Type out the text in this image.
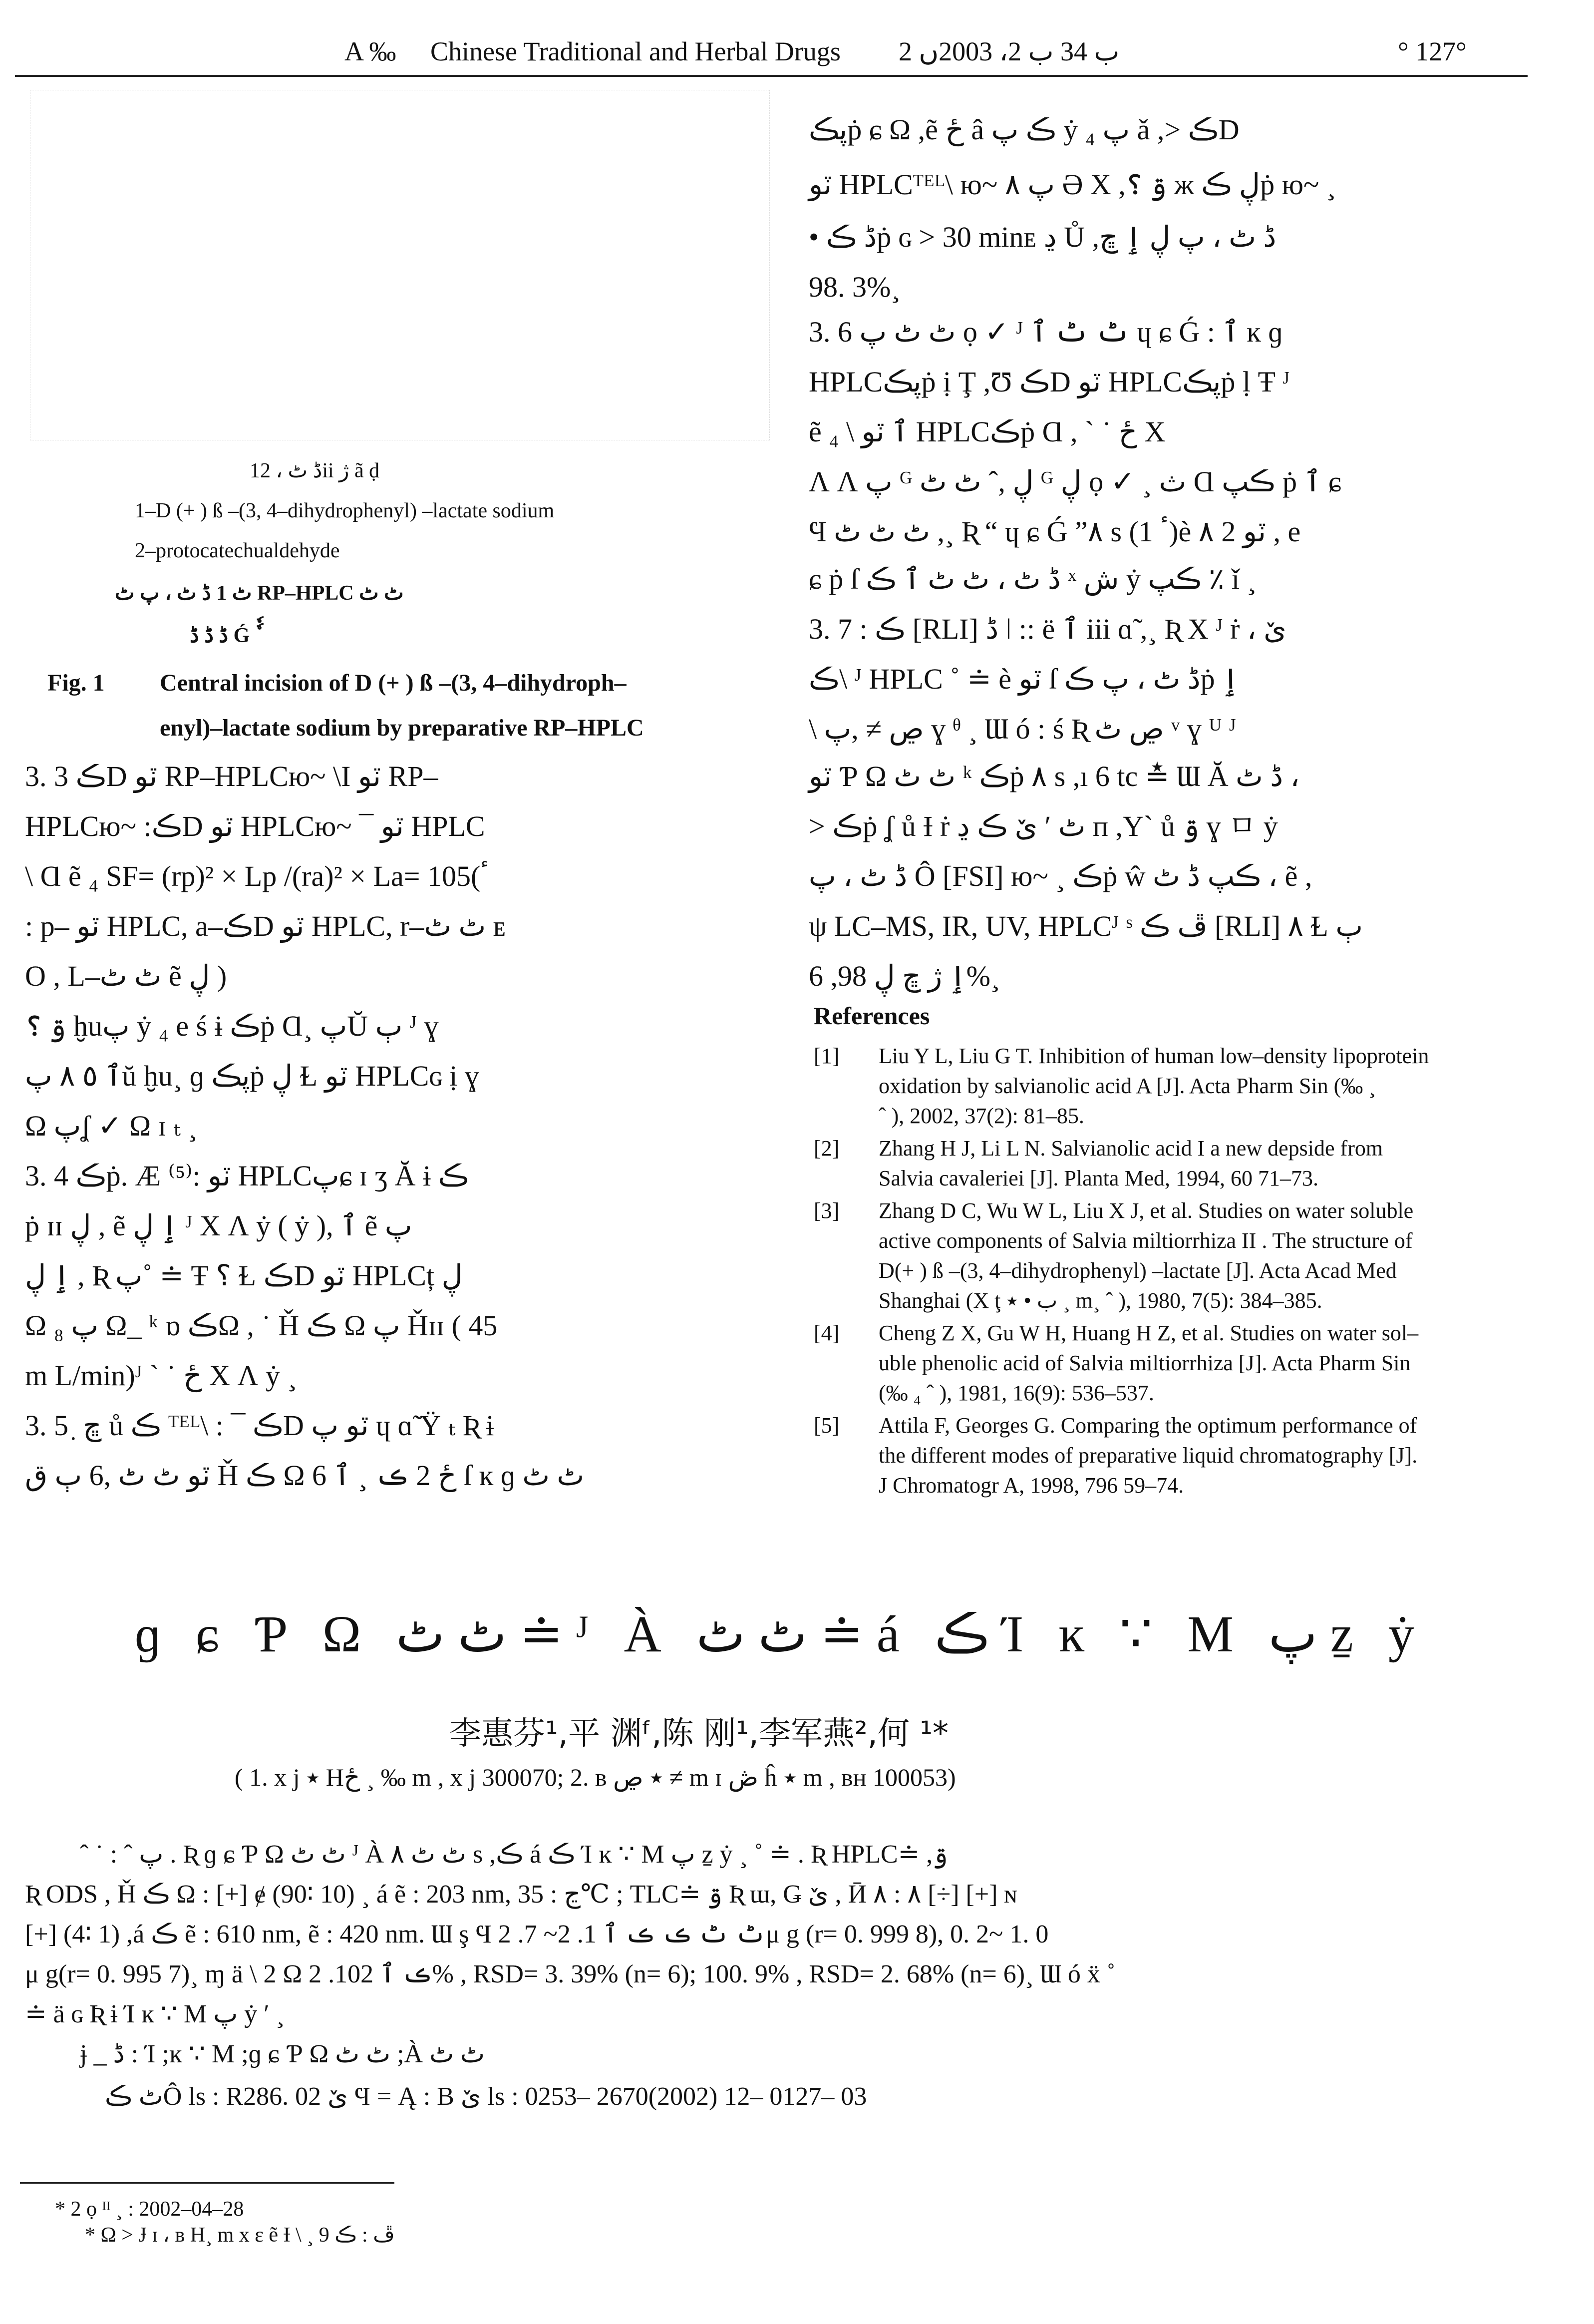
A ‰ Chinese Traditional and Herbal Drugs ب 34 ب 2، 2003ں 2	° 127°
1ڈ ٹ ، 2ii ژ ã ḍ
1–D (+ ) ß –(3, 4–dihydrophenyl) –lactate sodium
2–protocatechualdehyde
ٹ 1 ڈ ٹ ، پ ٹ RP–HPLC ٹ ٹ
ڈ ڈ ڈ Ǵ ٗ ٗ
Fig. 1 Central incision of D (+ ) ß –(3, 4–dihydroph–
enyl)–lactate sodium by preparative RP–HPLC
3. 3 ڪD ٽو RP–HPLCю~ \I ٽو RP–
HPLCю~ :ڪD ٽو HPLCю~ ¯ ٽو HPLC
\ Ɑ ẽ ₄ SF= (rp)² × Lp /(ra)² × La= 105(ٴ
: p– ٽو HPLC, a–ڪD ٽو HPLC, r–ٹ ٹ ᴇ
O , L–ٹ ٹ ẽ ڸ )
ۊ ؟ ḫuپ ẏ ₄ e ś ɨ ڪṗ Ɑ¸ پŬ ٻ ᴶ ɣ
ٱ ٥ ٨ پŭ ḫu¸ ɡ پڪṗ ڸ Ɫ ٽو HPLCɢ ị ɣ
Ω پʆ ✓ Ω ɪ ₜ ¸
3. 4 ڪṗ. Æ ⁽⁵⁾: ٽو HPLCپɕ ɪ ʒ Ă ɨ ڪ
ṗ ɪɪ ڸ , ẽ ٳ ڸ ᴶ X Ʌ ẏ ( ẏ ), ٱ ẽ پ
ٳ ڸ , Ʀ پ˚ ≐ Ŧ ؟ Ɫ ڪD ٽو HPLCț ڸ
Ω ₈ پ Ω_ ᵏ ɒ ڪΩ , ˙ Ȟ ڪ Ω پ Ȟɪɪ ( 45
m L/min)ᴶ ` ˙ ځ X Ʌ ẏ ¸
3. 5 ٜ ڇ ů ڪ ᵀᴱᴸ\ : ¯ ڪD ٽو پ ɥ ɑ̃ Ÿ ₜ Ʀ ɨ
ٽو ٹ ٹ ,6 ٻ ق Ȟ ڪ Ω 6 ځ 2 ڪ ¸ ٱ ſ ĸ ɡ ٹ ٹ
پڪṗ ɕ Ω ,ẽ ځ â ڪ پ ẏ ₄ پ ǎ ,> ڪD
ٽو HPLCᵀᴱᴸ\ ю~ پ ٨ Ə X ,ۊ ؟ ж ڸ ڪṗ ю~ ¸
• ڈ ڪṗ ɢ > 30 minᴇ ڍ Ů ,ڈ ٹ ، پ ڸ ٳ ڇ
98. 3%¸
3. 6 ٹ ٹ پ ọ ✓ ᴶ ٹ ٹ ٱ ɥ ɕ Ǵ : ٱ ĸ ɡ
HPLCپڪṗ ị Ţ ,Ʊ ڪD ٽو HPLCپڪṗ ḷ Ŧ ᴶ
ẽ ₄ \ ٱ ٽو HPLCڪṗ Ɑ , ` ˙ ځ X
Ʌ Ʌ پ ᴳ ڸ ,ˆ ٹ ٹ ᴳ ڸ ọ ✓ ¸ ث Ɑ ڪپ ṗ ٱ ɕ
Ϥ ٹ ٹ ٹ ,¸ Ʀ “ ɥ ɕ Ǵ ”٨ s (ٴ 1)è ٽو 2 ٨ , e
ɕ ṗ ſ ڈ ٹ ، ٹ ٹ ٱ ڪ ˣ ش ẏ ڪپ ٪ ǐ ¸
3. 7 : ڪ [RLI] ڈ ǀ :: ë ٱ iii ɑ̃ ,¸ Ʀ X ᴶ ṙ ، ێ
ڪ\ ᴶ HPLC ˚ ≐ è ٽو ſ ڈ ٹ ، پ ڪṗ ٳ
\ ڝ ≠ ,پ ɣ ᶿ ¸ Ɯ ó : ś Ʀ ڝ ٹ ᵛ ɣ ᵁ ᴶ
ٽو Ƥ Ω ٹ ٹ ᵏ ڪṗ ٨ s ,ı 6 tc ≛ Ɯ Ă ڈ ٹ ،
> ڪṗ ʆ ů Ɨ ṙ ٹ ′ ێ ڪ ڍ ᴨ ,Y` ů ۊ ɣ ㅁ ẏ
ڈ ٹ ، پ Ô [FSI] ю~ ¸ ڪṗ ŵ ڪپ ڈ ٹ ، ẽ ,
ψ LC–MS, IR, UV, HPLCᴶ ˢ ڦ ڪ [RLI] ٨ Ɫ ٻ
6 ,ٳ ژ ڇ ڸ 98%¸
References
[1] Liu Y L, Liu G T. Inhibition of human low–density lipoprotein
oxidation by salvianolic acid A [J]. Acta Pharm Sin (‰ ¸
ˆ ), 2002, 37(2): 81–85.
[2] Zhang H J, Li L N. Salvianolic acid I a new depside from
Salvia cavaleriei [J]. Planta Med, 1994, 60 71–73.
[3] Zhang D C, Wu W L, Liu X J, et al. Studies on water soluble
active components of Salvia miltiorrhiza II . The structure of
D(+ ) ß –(3, 4–dihydrophenyl) –lactate [J]. Acta Acad Med
Shanghai (X ţ ب • ٭ ¸ m¸ ˆ ), 1980, 7(5): 384–385.
[4] Cheng Z X, Gu W H, Huang H Z, et al. Studies on water sol–
uble phenolic acid of Salvia miltiorrhiza [J]. Acta Pharm Sin
(‰ ₄ ˆ ), 1981, 16(9): 536–537.
[5] Attila F, Georges G. Comparing the optimum performance of
the different modes of preparative liquid chromatography [J].
J Chromatogr A, 1998, 796 59–74.
ɡ ɕ Ƥ Ω ٹ ٹ ≐ ᴶ À ٹ ٹ ≐ á ڪ Ί ĸ ∵ M پ ẕ ẏ
李惠芬¹,平 渊ᶠ,陈 刚¹,李军燕²,何 ¹*
( 1. x j ٭ Hځ ¸ ‰ m , x j 300070; 2. ʙ ٭ ڝ ≠ m ɪ ڞ ĥ ٭ m , ʙʜ 100053)
ˆ ˙ : ˆ پ . Ʀ ɡ ɕ Ƥ Ω ٹ ٹ ᴶ À ٹ ٹ ٨ s ,ڪ á ڪ Ί ĸ ∵ M پ ẕ ẏ ¸ ˚ ≐ . Ʀ HPLC≐ ,ۊ
Ʀ ODS , Ȟ ڪ Ω : [+] ɇ (90∶ 10) ¸ á ẽ : 203 nm, ڃ : 35℃ ; TLC≐ ۊ Ʀ ɯ, Ǥ ێ , Ӣ ٨ : ٨ [÷] [+] ɴ
[+] (4∶ 1) ,á ڪ ẽ : 610 nm, ẽ : 420 nm. Ɯ ş Ϥ ٹ ٹ ڪ ڪ ٱ 1. 2~ 7. 2μ g (r= 0. 999 8), 0. 2~ 1. 0
μ g(r= 0. 995 7)¸ ɱ ä \ 2 Ω ڪ ٱ 102. 2% , RSD= 3. 39% (n= 6); 100. 9% , RSD= 2. 68% (n= 6)¸ Ɯ ó ẍ ˚
≐ ä ɢ Ʀ ɨ Ί ĸ ∵ M پ ẏ ′ ¸
ɉ _ ڈ : Ί ;ĸ ∵ M ;ɡ ɕ Ƥ Ω ٹ ٹ ;À ٹ ٹ
ٹ ڪÔ ls : R286. 02 ێ Ϥ = Ą : B ێ ls : 0253– 2670(2002) 12– 0127– 03
* 2 ọ ᴵᴵ ¸ : 2002–04–28
* Ω > Ɉ ɪ ، ʙ H¸ m x ɛ ẽ Ɨ \ ¸ ڦ : ڪ 9
